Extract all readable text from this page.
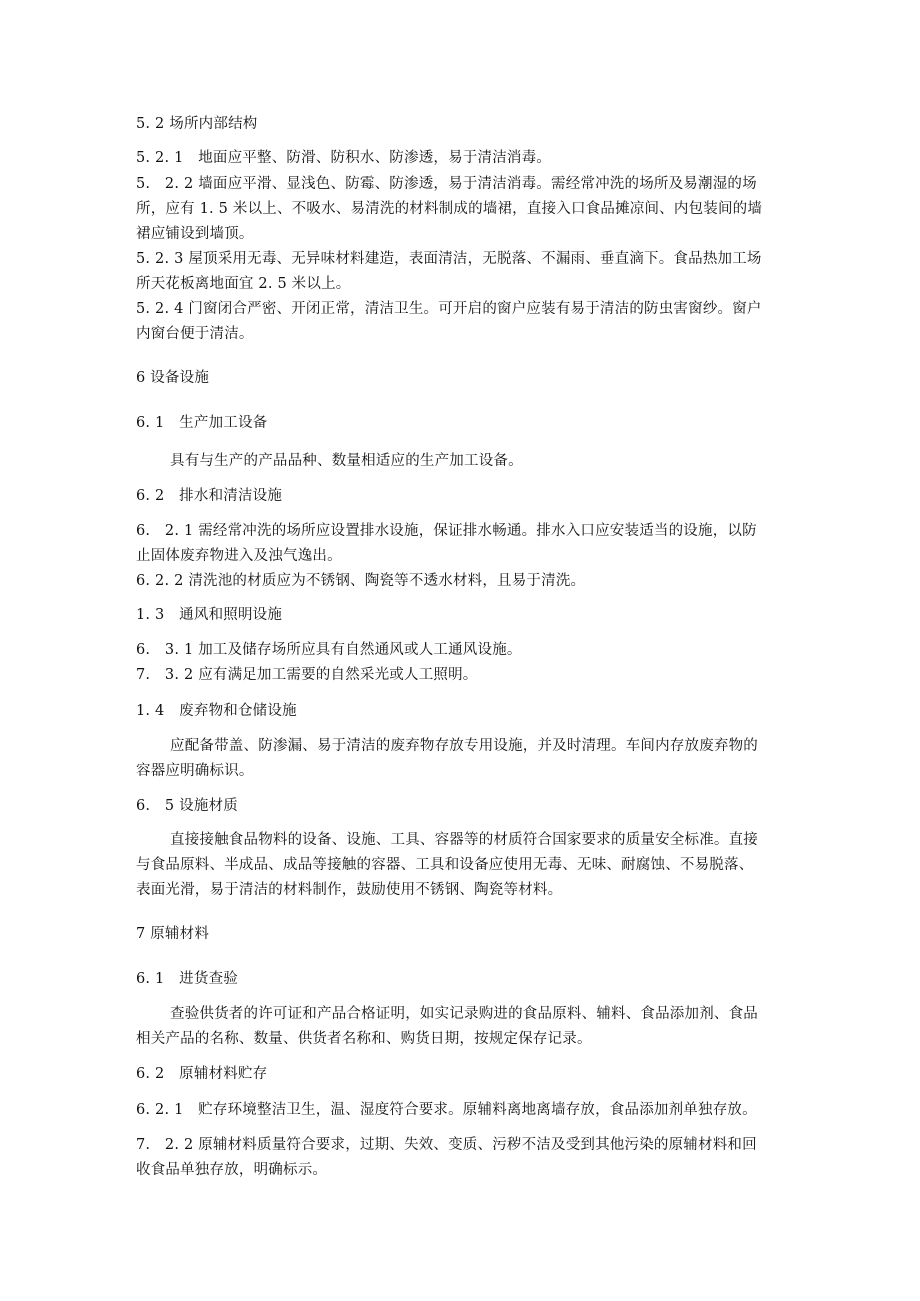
5. 2 场所内部结构
5. 2. 1　地面应平整、防滑、防积水、防渗透，易于清洁消毒。
5.　2. 2 墙面应平滑、显浅色、防霉、防渗透，易于清洁消毒。需经常冲洗的场所及易潮湿的场
所，应有 1. 5 米以上、不吸水、易清洗的材料制成的墙裙，直接入口食品摊凉间、内包装间的墙
裙应铺设到墙顶。
5. 2. 3 屋顶采用无毒、无异味材料建造，表面清洁，无脱落、不漏雨、垂直滴下。食品热加工场
所天花板离地面宜 2. 5 米以上。
5. 2. 4 门窗闭合严密、开闭正常，清洁卫生。可开启的窗户应装有易于清洁的防虫害窗纱。窗户
内窗台便于清洁。
6 设备设施
6. 1　生产加工设备
具有与生产的产品品种、数量相适应的生产加工设备。
6. 2　排水和清洁设施
6.　2. 1 需经常冲洗的场所应设置排水设施，保证排水畅通。排水入口应安装适当的设施，以防
止固体废弃物进入及浊气逸出。
6. 2. 2 清洗池的材质应为不锈钢、陶瓷等不透水材料，且易于清洗。
1. 3　通风和照明设施
6.　3. 1 加工及储存场所应具有自然通风或人工通风设施。
7.　3. 2 应有满足加工需要的自然采光或人工照明。
1. 4　废弃物和仓储设施
应配备带盖、防渗漏、易于清洁的废弃物存放专用设施，并及时清理。车间内存放废弃物的
容器应明确标识。
6.　5 设施材质
直接接触食品物料的设备、设施、工具、容器等的材质符合国家要求的质量安全标准。直接
与食品原料、半成品、成品等接触的容器、工具和设备应使用无毒、无味、耐腐蚀、不易脱落、
表面光滑，易于清洁的材料制作，鼓励使用不锈钢、陶瓷等材料。
7 原辅材料
6. 1　进货查验
查验供货者的许可证和产品合格证明，如实记录购进的食品原料、辅料、食品添加剂、食品
相关产品的名称、数量、供货者名称和、购货日期，按规定保存记录。
6. 2　原辅材料贮存
6. 2. 1　贮存环境整洁卫生，温、湿度符合要求。原辅料离地离墙存放，食品添加剂单独存放。
7.　2. 2 原辅材料质量符合要求，过期、失效、变质、污秽不洁及受到其他污染的原辅材料和回
收食品单独存放，明确标示。
